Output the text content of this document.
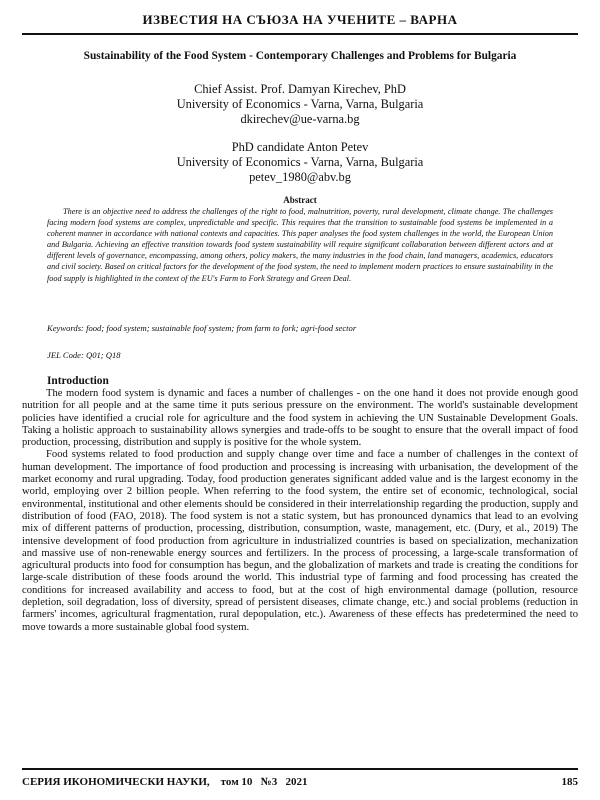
ИЗВЕСТИЯ НА СЪЮЗА НА УЧЕНИТЕ – ВАРНА
Sustainability of the Food System - Contemporary Challenges and Problems for Bulgaria
Chief Assist. Prof. Damyan Kirechev, PhD
University of Economics - Varna, Varna, Bulgaria
dkirechev@ue-varna.bg
PhD candidate Anton Petev
University of Economics - Varna, Varna, Bulgaria
petev_1980@abv.bg
Abstract

There is an objective need to address the challenges of the right to food, malnutrition, poverty, rural development, climate change. The challenges facing modern food systems are complex, unpredictable and specific. This requires that the transition to sustainable food systems be implemented in a coherent manner in accordance with national contexts and capacities. This paper analyses the food system challenges in the world, the European Union and Bulgaria. Achieving an effective transition towards food system sustainability will require significant collaboration between different actors and at different levels of governance, encompassing, among others, policy makers, the many industries in the food chain, land managers, academics, educators and civil society. Based on critical factors for the development of the food system, the need to implement modern practices to ensure sustainability in the food supply is highlighted in the context of the EU's Farm to Fork Strategy and Green Deal.

Keywords: food; food system; sustainable foof system; from farm to fork; agri-food sector
JEL Code: Q01; Q18
Introduction

The modern food system is dynamic and faces a number of challenges - on the one hand it does not provide enough good nutrition for all people and at the same time it puts serious pressure on the environment. The world's sustainable development policies have identified a crucial role for agriculture and the food system in achieving the UN Sustainable Development Goals. Taking a holistic approach to sustainability allows synergies and trade-offs to be sought to ensure that the overall impact of food production, processing, distribution and supply is positive for the whole system.

Food systems related to food production and supply change over time and face a number of challenges in the context of human development. The importance of food production and processing is increasing with urbanisation, the development of the market economy and rural upgrading. Today, food production generates significant added value and is the largest economy in the world, employing over 2 billion people. When referring to the food system, the entire set of economic, technological, social environmental, institutional and other elements should be considered in their interrelationship regarding the production, supply and distribution of food (FAO, 2018). The food system is not a static system, but has pronounced dynamics that lead to an evolving mix of different patterns of production, processing, distribution, consumption, waste, management, etc. (Dury, et al., 2019) The intensive development of food production from agriculture in industrialized countries is based on specialization, mechanization and massive use of non-renewable energy sources and fertilizers. In the process of processing, a large-scale transformation of agricultural products into food for consumption has begun, and the globalization of markets and trade is creating the conditions for large-scale distribution of these foods around the world. This industrial type of farming and food processing has created the conditions for increased availability and access to food, but at the cost of high environmental damage (pollution, resource depletion, soil degradation, loss of diversity, spread of persistent diseases, climate change, etc.) and social problems (reduction in farmers' incomes, agricultural fragmentation, rural depopulation, etc.). Awareness of these effects has predetermined the need to move towards a more sustainable global food system.

СЕРИЯ ИКОНОМИЧЕСКИ НАУКИ, том 10 №3 2021	185
